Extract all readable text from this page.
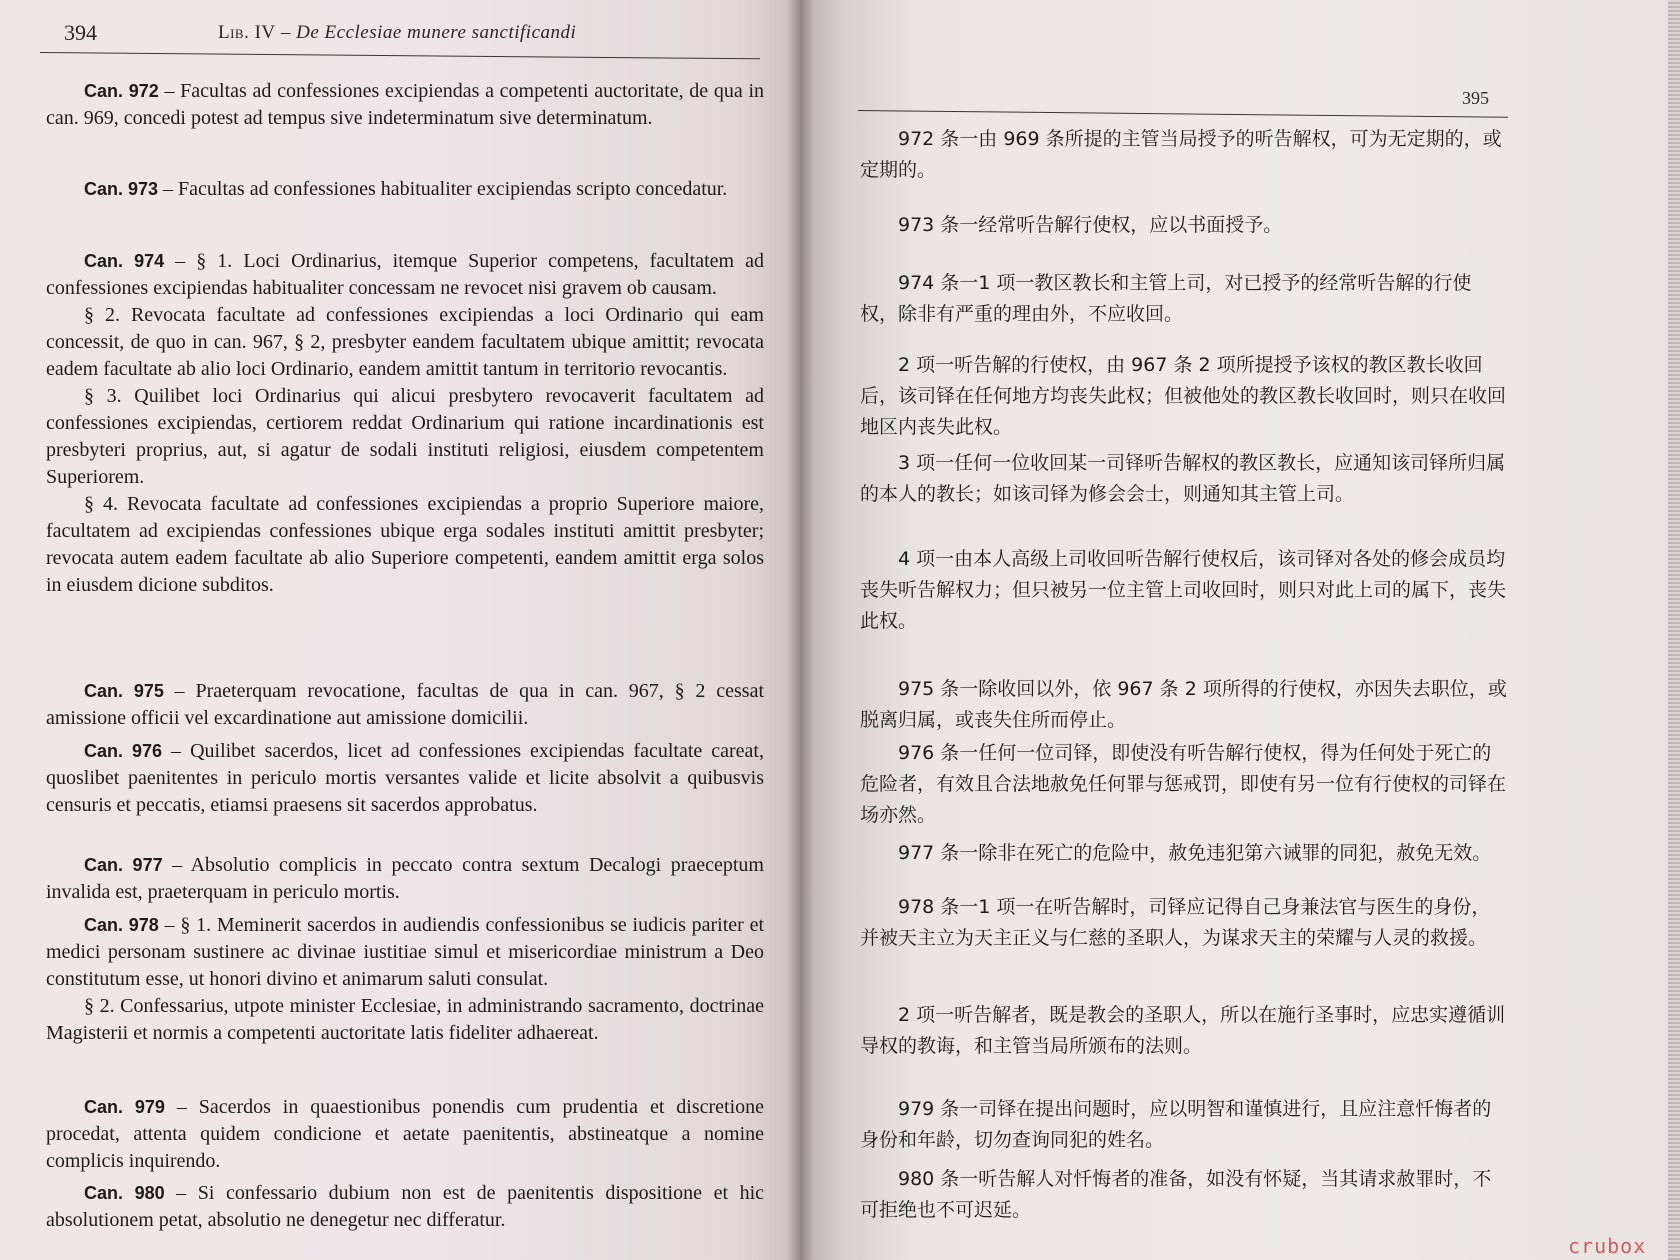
394	Lib. IV – De Ecclesiae munere sanctificandi

Can. 972 – Facultas ad confessiones excipiendas a competenti auctoritate, de qua in can. 969, concedi potest ad tempus sive indeterminatum sive determinatum.

Can. 973 – Facultas ad confessiones habitualiter excipiendas scripto concedatur.

Can. 974 – § 1. Loci Ordinarius, itemque Superior competens, facultatem ad confessiones excipiendas habitualiter concessam ne revocet nisi gravem ob causam.

§ 2. Revocata facultate ad confessiones excipiendas a loci Ordinario qui eam concessit, de quo in can. 967, § 2, presbyter eandem facultatem ubique amittit; revocata eadem facultate ab alio loci Ordinario, eandem amittit tantum in territorio revocantis.

§ 3. Quilibet loci Ordinarius qui alicui presbytero revocaverit facultatem ad confessiones excipiendas, certiorem reddat Ordinarium qui ratione incardinationis est presbyteri proprius, aut, si agatur de sodali instituti religiosi, eiusdem competentem Superiorem.

§ 4. Revocata facultate ad confessiones excipiendas a proprio Superiore maiore, facultatem ad excipiendas confessiones ubique erga sodales instituti amittit presbyter; revocata autem eadem facultate ab alio Superiore competenti, eandem amittit erga solos in eiusdem dicione subditos.

Can. 975 – Praeterquam revocatione, facultas de qua in can. 967, § 2 cessat amissione officii vel excardinatione aut amissione domicilii.

Can. 976 – Quilibet sacerdos, licet ad confessiones excipiendas facultate careat, quoslibet paenitentes in periculo mortis versantes valide et licite absolvit a quibusvis censuris et peccatis, etiamsi praesens sit sacerdos approbatus.

Can. 977 – Absolutio complicis in peccato contra sextum Decalogi praeceptum invalida est, praeterquam in periculo mortis.

Can. 978 – § 1. Meminerit sacerdos in audiendis confessionibus se iudicis pariter et medici personam sustinere ac divinae iustitiae simul et misericordiae ministrum a Deo constitutum esse, ut honori divino et animarum saluti consulat.

§ 2. Confessarius, utpote minister Ecclesiae, in administrando sacramento, doctrinae Magisterii et normis a competenti auctoritate latis fideliter adhaereat.

Can. 979 – Sacerdos in quaestionibus ponendis cum prudentia et discretione procedat, attenta quidem condicione et aetate paenitentis, abstineatque a nomine complicis inquirendo.

Can. 980 – Si confessario dubium non est de paenitentis dispositione et hic absolutionem petat, absolutio ne denegetur nec differatur.

395

972 条一由 969 条所提的主管当局授予的听告解权，可为无定期的，或定期的。

973 条一经常听告解行使权，应以书面授予。

974 条一1 项一教区教长和主管上司，对已授予的经常听告解的行使权，除非有严重的理由外，不应收回。

2 项一听告解的行使权，由 967 条 2 项所提授予该权的教区教长收回后，该司铎在任何地方均丧失此权；但被他处的教区教长收回时，则只在收回地区内丧失此权。

3 项一任何一位收回某一司铎听告解权的教区教长，应通知该司铎所归属的本人的教长；如该司铎为修会会士，则通知其主管上司。

4 项一由本人高级上司收回听告解行使权后，该司铎对各处的修会成员均丧失听告解权力；但只被另一位主管上司收回时，则只对此上司的属下，丧失此权。

975 条一除收回以外，依 967 条 2 项所得的行使权，亦因失去职位，或脱离归属，或丧失住所而停止。

976 条一任何一位司铎，即使没有听告解行使权，得为任何处于死亡的危险者，有效且合法地赦免任何罪与惩戒罚，即使有另一位有行使权的司铎在场亦然。

977 条一除非在死亡的危险中，赦免违犯第六诫罪的同犯，赦免无效。

978 条一1 项一在听告解时，司铎应记得自己身兼法官与医生的身份，并被天主立为天主正义与仁慈的圣职人，为谋求天主的荣耀与人灵的救援。

2 项一听告解者，既是教会的圣职人，所以在施行圣事时，应忠实遵循训导权的教诲，和主管当局所颁布的法则。

979 条一司铎在提出问题时，应以明智和谨慎进行，且应注意忏悔者的身份和年龄，切勿查询同犯的姓名。

980 条一听告解人对忏悔者的准备，如没有怀疑，当其请求赦罪时，不可拒绝也不可迟延。

crubox
